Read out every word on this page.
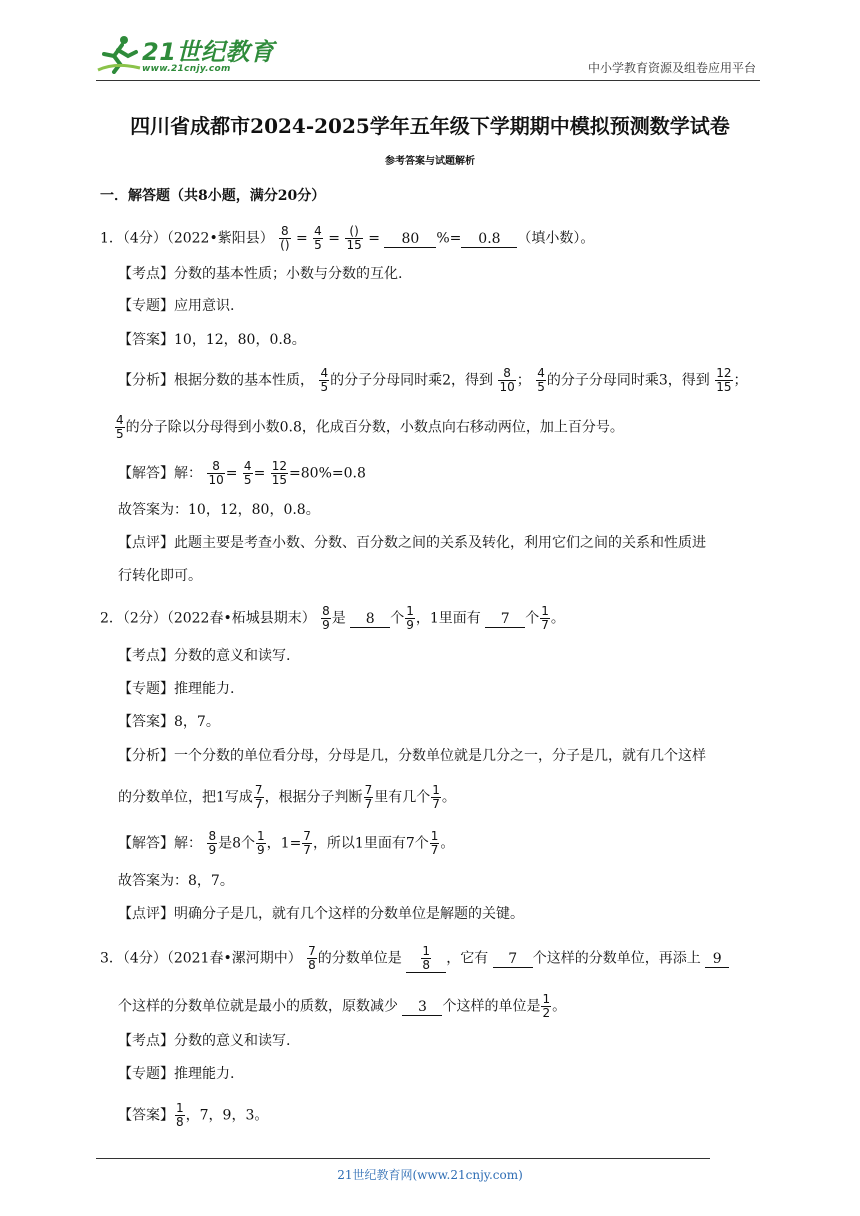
21世纪教育
www.21cnjy.com	中小学教育资源及组卷应用平台
四川省成都市2024-2025学年五年级下学期期中模拟预测数学试卷
参考答案与试题解析
一．解答题（共8小题，满分20分）
1．（4分）（2022•紫阳县） $\frac{8}{()} = \frac{4}{5} = \frac{()}{15} = 80$ %= 0.8 （填小数）。
【考点】分数的基本性质；小数与分数的互化.
【专题】应用意识.
【答案】10，12，80，0.8。
【分析】根据分数的基本性质， $\frac{4}{5}$ 的分子分母同时乘2，得到 $\frac{8}{10}$ ； $\frac{4}{5}$ 的分子分母同时乘3，得到 $\frac{12}{15}$ ；
$\frac{4}{5}$ 的分子除以分母得到小数0.8，化成百分数，小数点向右移动两位，加上百分号。
【解答】解： $\frac{8}{10} = \frac{4}{5} = \frac{12}{15} =80\%=0.8$
故答案为：10，12，80，0.8。
【点评】此题主要是考查小数、分数、百分数之间的关系及转化，利用它们之间的关系和性质进
行转化即可。
2．（2分）（2022春•柘城县期末） $\frac{8}{9}$ 是 8 个 $\frac{1}{9}$ ，1里面有 7 个 $\frac{1}{7}$ 。
【考点】分数的意义和读写.
【专题】推理能力.
【答案】8，7。
【分析】一个分数的单位看分母，分母是几，分数单位就是几分之一，分子是几，就有几个这样
的分数单位，把1写成 $\frac{7}{7}$ ，根据分子判断 $\frac{7}{7}$ 里有几个 $\frac{1}{7}$ 。
【解答】解： $\frac{8}{9}$ 是8个 $\frac{1}{9}$ ，$1= \frac{7}{7}$ ，所以1里面有7个 $\frac{1}{7}$ 。
故答案为：8，7。
【点评】明确分子是几，就有几个这样的分数单位是解题的关键。
3．（4分）（2021春•漯河期中） $\frac{7}{8}$ 的分数单位是 $\frac{1}{8}$ ，它有 7 个这样的分数单位，再添上 9
个这样的分数单位就是最小的质数，原数减少 3 个这样的单位是 $\frac{1}{2}$ 。
【考点】分数的意义和读写.
【专题】推理能力.
【答案】 $\frac{1}{8}$ ，7，9，3。
21世纪教育网(www.21cnjy.com)
